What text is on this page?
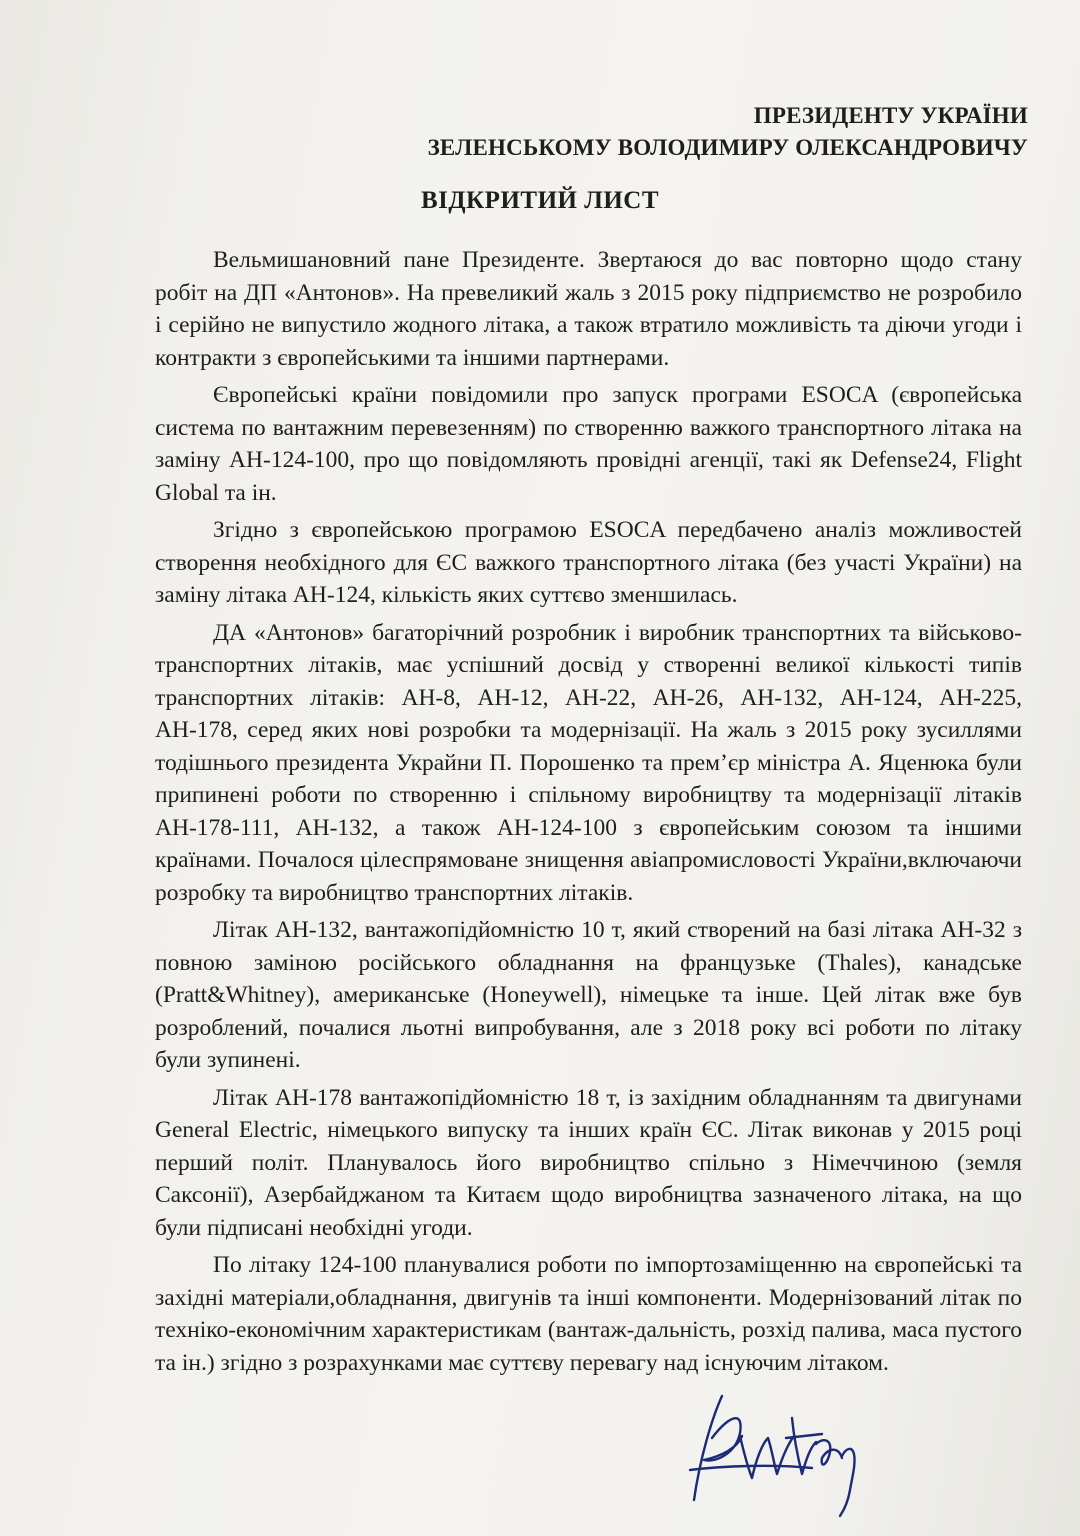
ПРЕЗИДЕНТУ УКРАЇНИ
ЗЕЛЕНСЬКОМУ ВОЛОДИМИРУ ОЛЕКСАНДРОВИЧУ
ВІДКРИТИЙ ЛИСТ

Вельмишановний пане Президенте. Звертаюся до вас повторно щодо стану робіт на ДП «Антонов». На превеликий жаль з 2015 року підприємство не розробило і серійно не випустило жодного літака, а також втратило можливість та діючи угоди і контракти з європейськими та іншими партнерами.

Європейські країни повідомили про запуск програми ESOCA (європейська система по вантажним перевезенням) по створенню важкого транспортного літака на заміну АН-124-100, про що повідомляють провідні агенції, такі як Defense24, Flight Global та ін.

Згідно з європейською програмою ESOCA передбачено аналіз можливостей створення необхідного для ЄС важкого транспортного літака (без участі України) на заміну літака АН-124, кількість яких суттєво зменшилась.

ДА «Антонов» багаторічний розробник і виробник транспортних та військово-транспортних літаків, має успішний досвід у створенні великої кількості типів транспортних літаків: АН-8, АН-12, АН-22, АН-26, АН-132, АН-124, АН-225, АН-178, серед яких нові розробки та модернізації. На жаль з 2015 року зусиллями тодішнього президента Украйни П. Порошенко та прем’єр міністра А. Яценюка були припинені роботи по створенню і спільному виробництву та модернізації літаків АН-178-111, АН-132, а також АН-124-100 з європейським союзом та іншими країнами. Почалося цілеспрямоване знищення авіапромисловості України,включаючи розробку та виробництво транспортних літаків.

Літак АН-132, вантажопідйомністю 10 т, який створений на базі літака АН-32 з повною заміною російського обладнання на французьке (Thales), канадське (Pratt&Whitney), американське (Honeywell), німецьке та інше. Цей літак вже був розроблений, почалися льотні випробування, але з 2018 року всі роботи по літаку були зупинені.

Літак АН-178 вантажопідйомністю 18 т, із західним обладнанням та двигунами General Electric, німецького випуску та інших країн ЄС. Літак виконав у 2015 році перший політ. Планувалось його виробництво спільно з Німеччиною (земля Саксонії), Азербайджаном та Китаєм щодо виробництва зазначеного літака, на що були підписані необхідні угоди.

По літаку 124-100 планувалися роботи по імпортозаміщенню на європейські та західні матеріали,обладнання, двигунів та інші компоненти. Модернізований літак по техніко-економічним характеристикам (вантаж-дальність, розхід палива, маса пустого та ін.) згідно з розрахунками має суттєву перевагу над існуючим літаком.
